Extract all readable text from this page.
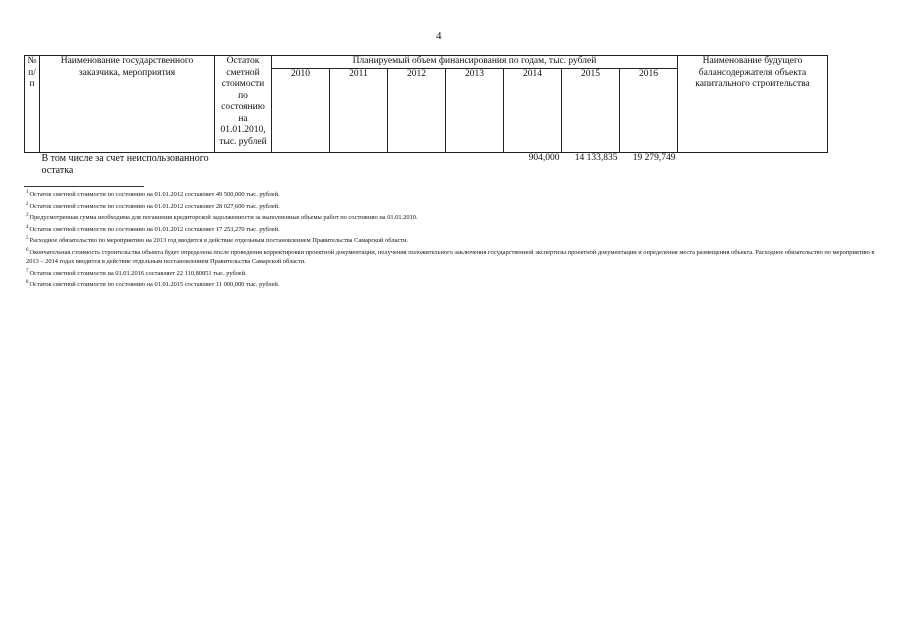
4
№ п/п	Наименование государственного заказчика, мероприятия	Остаток сметной стоимости по состоянию на 01.01.2010, тыс. рублей	Планируемый объем финансирования по годам, тыс. рублей							Наименование будущего балансодержателя объекта капитального строительства
			2010	2011	2012	2013	2014	2015	2016	
	В том числе за счет неиспользованного остатка						904,000	14 133,835	19 279,749	
$^1$Остаток сметной стоимости по состоянию на 01.01.2012 составляет 49 500,000 тыс. рублей.
$^2$Остаток сметной стоимости по состоянию на 01.01.2012 составляет 28 027,600 тыс. рублей.
$^3$Предусмотренная сумма необходима для погашения кредиторской задолженности за выполненные объемы работ по состоянию на 01.01.2010.
$^4$Остаток сметной стоимости по состоянию на 01.01.2012 составляет 17 253,270 тыс. рублей.
$^5$Расходное обязательство по мероприятию на 2013 год вводится в действие отдельным постановлением Правительства Самарской области.
$^6$Окончательная стоимость строительства объекта будет определена после проведения корректировки проектной документации, получения положительного заключения государственной экспертизы проектной документации и определения места размещения объекта. Расходное обязательство по мероприятию в 2013 – 2014 годах вводится в действие отдельным постановлением Правительства Самарской области.
$^7$Остаток сметной стоимости на 01.01.2016 составляет 22 110,80851 тыс. рублей.
$^8$Остаток сметной стоимости по состоянию на 01.01.2015 составляет 11 000,000 тыс. рублей.
